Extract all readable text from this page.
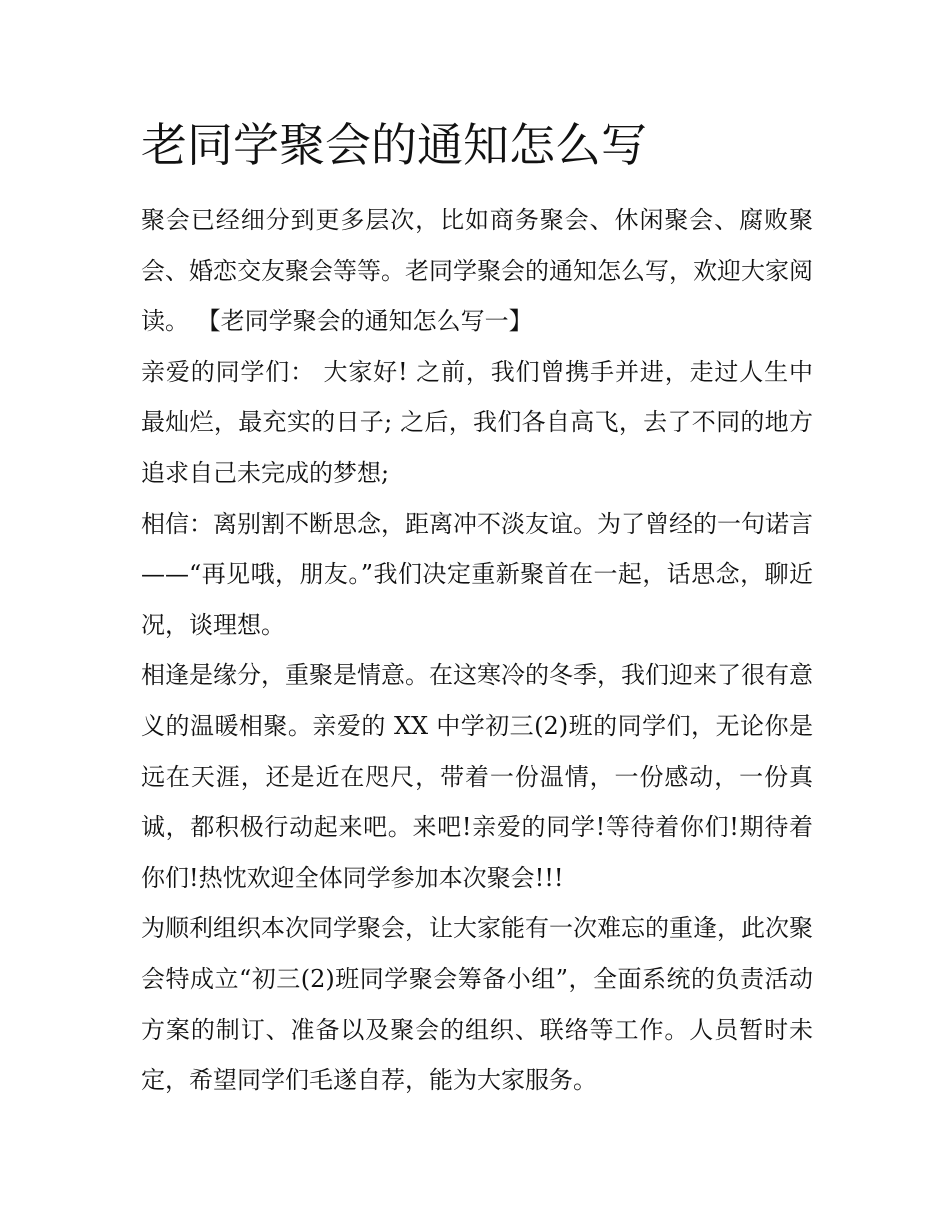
老同学聚会的通知怎么写

聚会已经细分到更多层次，比如商务聚会、休闲聚会、腐败聚会、婚恋交友聚会等等。老同学聚会的通知怎么写，欢迎大家阅读。 【老同学聚会的通知怎么写一】

亲爱的同学们： 大家好! 之前，我们曾携手并进，走过人生中最灿烂，最充实的日子; 之后，我们各自高飞，去了不同的地方追求自己未完成的梦想;

相信：离别割不断思念，距离冲不淡友谊。为了曾经的一句诺言——“再见哦，朋友。”我们决定重新聚首在一起，话思念，聊近况，谈理想。

相逢是缘分，重聚是情意。在这寒冷的冬季，我们迎来了很有意义的温暖相聚。亲爱的 XX 中学初三(2)班的同学们，无论你是远在天涯，还是近在咫尺，带着一份温情，一份感动，一份真诚，都积极行动起来吧。来吧!亲爱的同学!等待着你们!期待着你们!热忱欢迎全体同学参加本次聚会!!!

为顺利组织本次同学聚会，让大家能有一次难忘的重逢，此次聚会特成立“初三(2)班同学聚会筹备小组”，全面系统的负责活动方案的制订、准备以及聚会的组织、联络等工作。人员暂时未定，希望同学们毛遂自荐，能为大家服务。
